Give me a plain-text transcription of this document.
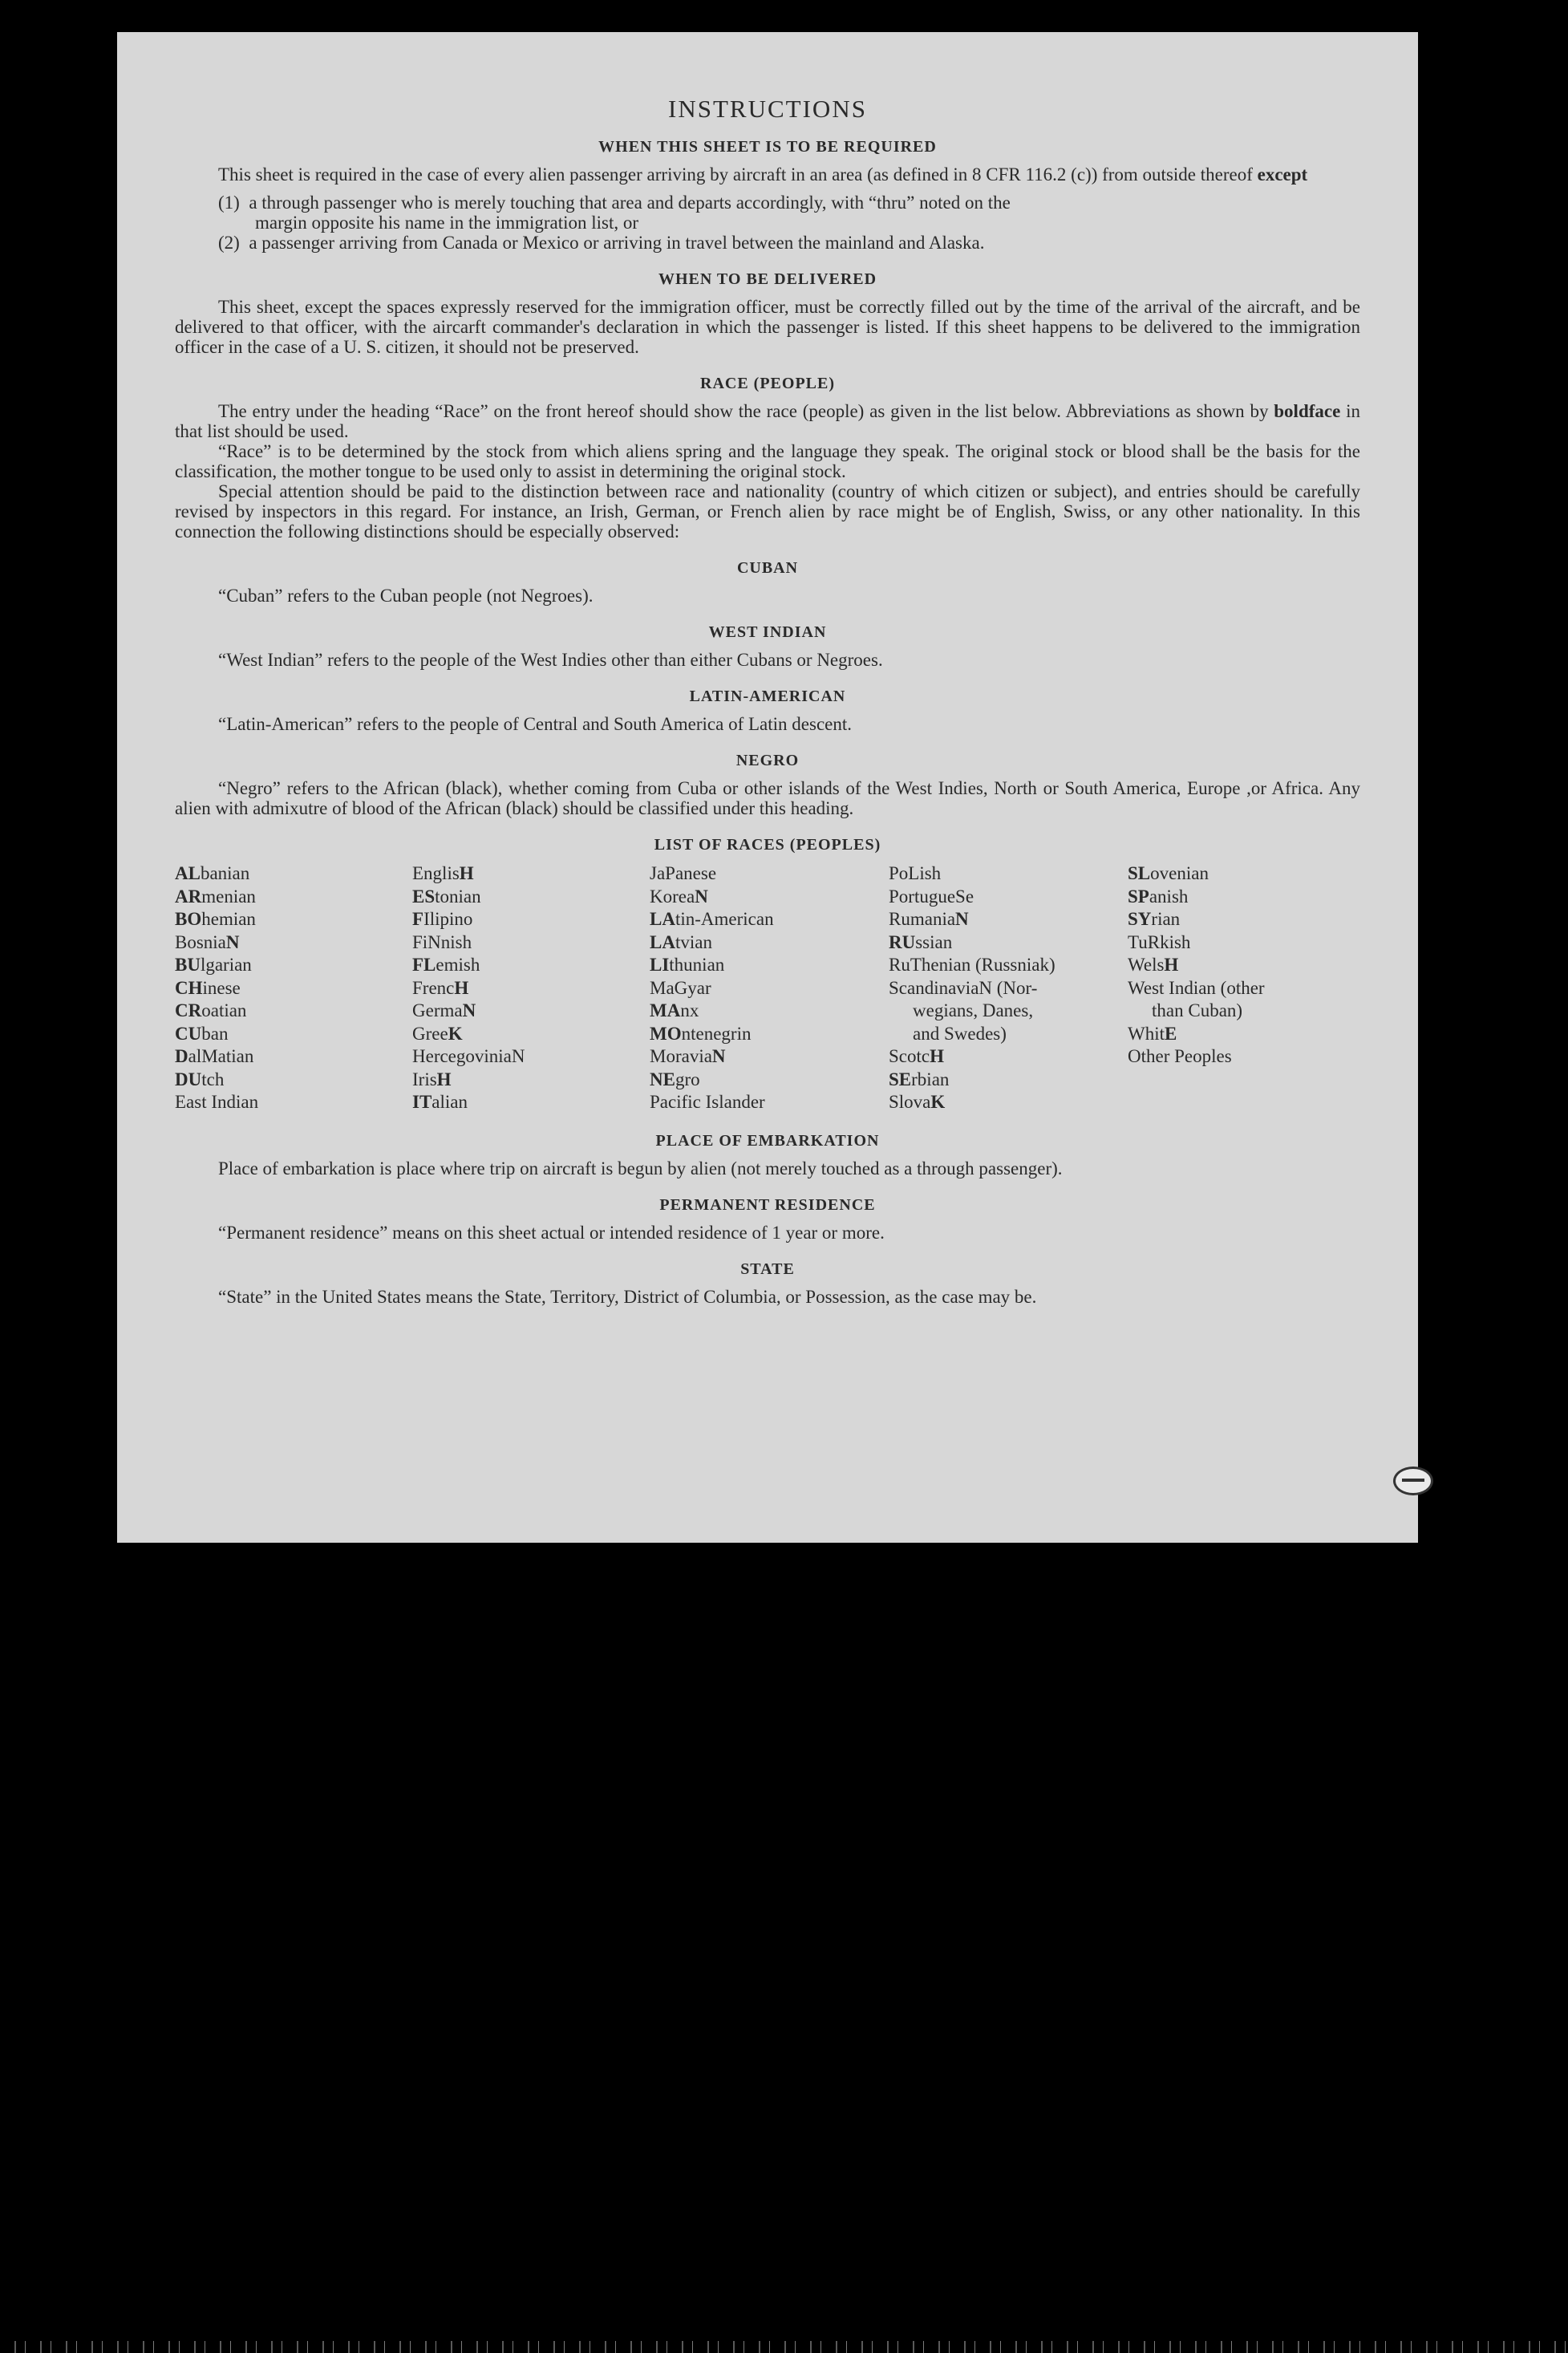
INSTRUCTIONS
WHEN THIS SHEET IS TO BE REQUIRED

This sheet is required in the case of every alien passenger arriving by aircraft in an area (as defined in 8 CFR 116.2 (c)) from outside thereof except

(1) a through passenger who is merely touching that area and departs accordingly, with “thru” noted on the
margin opposite his name in the immigration list, or
(2) a passenger arriving from Canada or Mexico or arriving in travel between the mainland and Alaska.
WHEN TO BE DELIVERED

This sheet, except the spaces expressly reserved for the immigration officer, must be correctly filled out by the time of the arrival of the aircraft, and be delivered to that officer, with the aircarft commander's declaration in which the passenger is listed. If this sheet happens to be delivered to the immigration officer in the case of a U. S. citizen, it should not be preserved.

RACE (PEOPLE)

The entry under the heading “Race” on the front hereof should show the race (people) as given in the list below. Abbreviations as shown by boldface in that list should be used.

“Race” is to be determined by the stock from which aliens spring and the language they speak. The original stock or blood shall be the basis for the classification, the mother tongue to be used only to assist in determining the original stock.

Special attention should be paid to the distinction between race and nationality (country of which citizen or subject), and entries should be carefully revised by inspectors in this regard. For instance, an Irish, German, or French alien by race might be of English, Swiss, or any other nationality. In this connection the following distinctions should be especially observed:

CUBAN

“Cuban” refers to the Cuban people (not Negroes).

WEST INDIAN

“West Indian” refers to the people of the West Indies other than either Cubans or Negroes.

LATIN-AMERICAN

“Latin-American” refers to the people of Central and South America of Latin descent.

NEGRO

“Negro” refers to the African (black), whether coming from Cuba or other islands of the West Indies, North or South America, Europe ,or Africa. Any alien with admixutre of blood of the African (black) should be classified under this heading.

LIST OF RACES (PEOPLES)
ALbanian
ARmenian
BOhemian
BosniaN
BUlgarian
CHinese
CRoatian
CUban
DalMatian
DUtch
East Indian
EnglisH
EStonian
FIlipino
FiNnish
FLemish
FrencH
GermaN
GreeK
HercegoviniaN
IrisH
ITalian
JaPanese
KoreaN
LAtin-American
LAtvian
LIthunian
MaGyar
MAnx
MOntenegrin
MoraviaN
NEgro
Pacific Islander
PoLish
PortugueSe
RumaniaN
RUssian
RuThenian (Russniak)
ScandinaviaN (Nor-
wegians, Danes,
and Swedes)
ScotcH
SErbian
SlovaK
SLovenian
SPanish
SYrian
TuRkish
WelsH
West Indian (other
than Cuban)
WhitE
Other Peoples
PLACE OF EMBARKATION

Place of embarkation is place where trip on aircraft is begun by alien (not merely touched as a through passenger).

PERMANENT RESIDENCE

“Permanent residence” means on this sheet actual or intended residence of 1 year or more.

STATE

“State” in the United States means the State, Territory, District of Columbia, or Possession, as the case may be.
